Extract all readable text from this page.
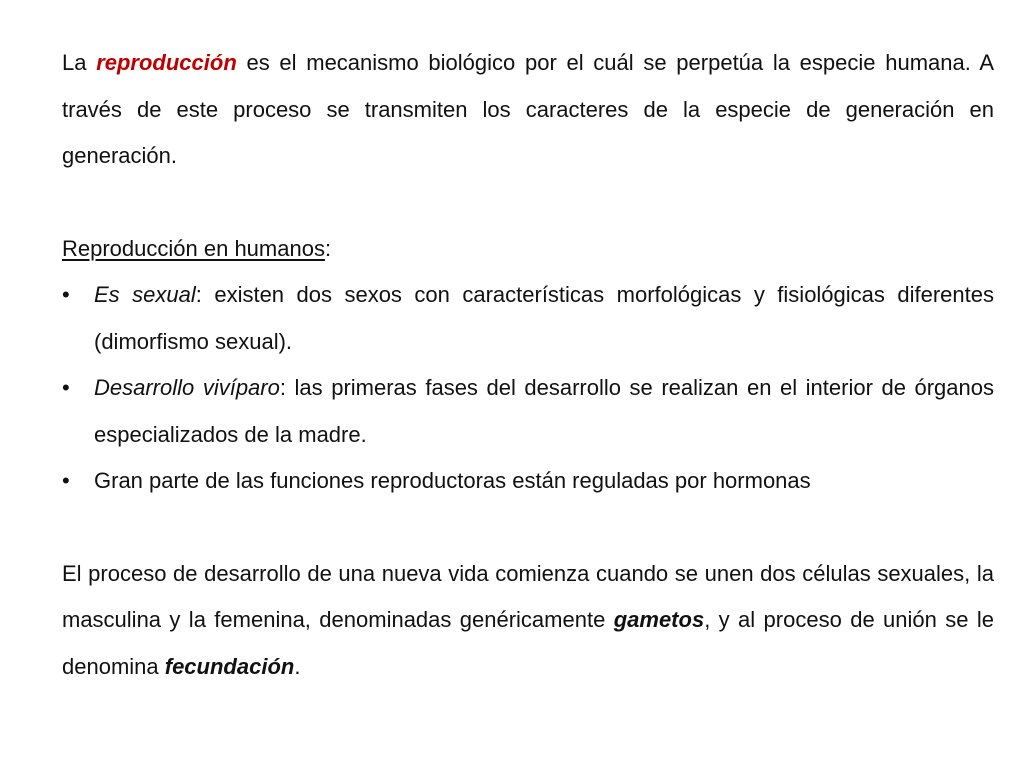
La reproducción es el mecanismo biológico por el cuál se perpetúa la especie humana. A través de este proceso se transmiten los caracteres de la especie de generación en generación.

Reproducción en humanos:
• Es sexual: existen dos sexos con características morfológicas y fisiológicas diferentes (dimorfismo sexual).
• Desarrollo vivíparo: las primeras fases del desarrollo se realizan en el interior de órganos especializados de la madre.
• Gran parte de las funciones reproductoras están reguladas por hormonas

El proceso de desarrollo de una nueva vida comienza cuando se unen dos células sexuales, la masculina y la femenina, denominadas genéricamente gametos, y al proceso de unión se le denomina fecundación.
